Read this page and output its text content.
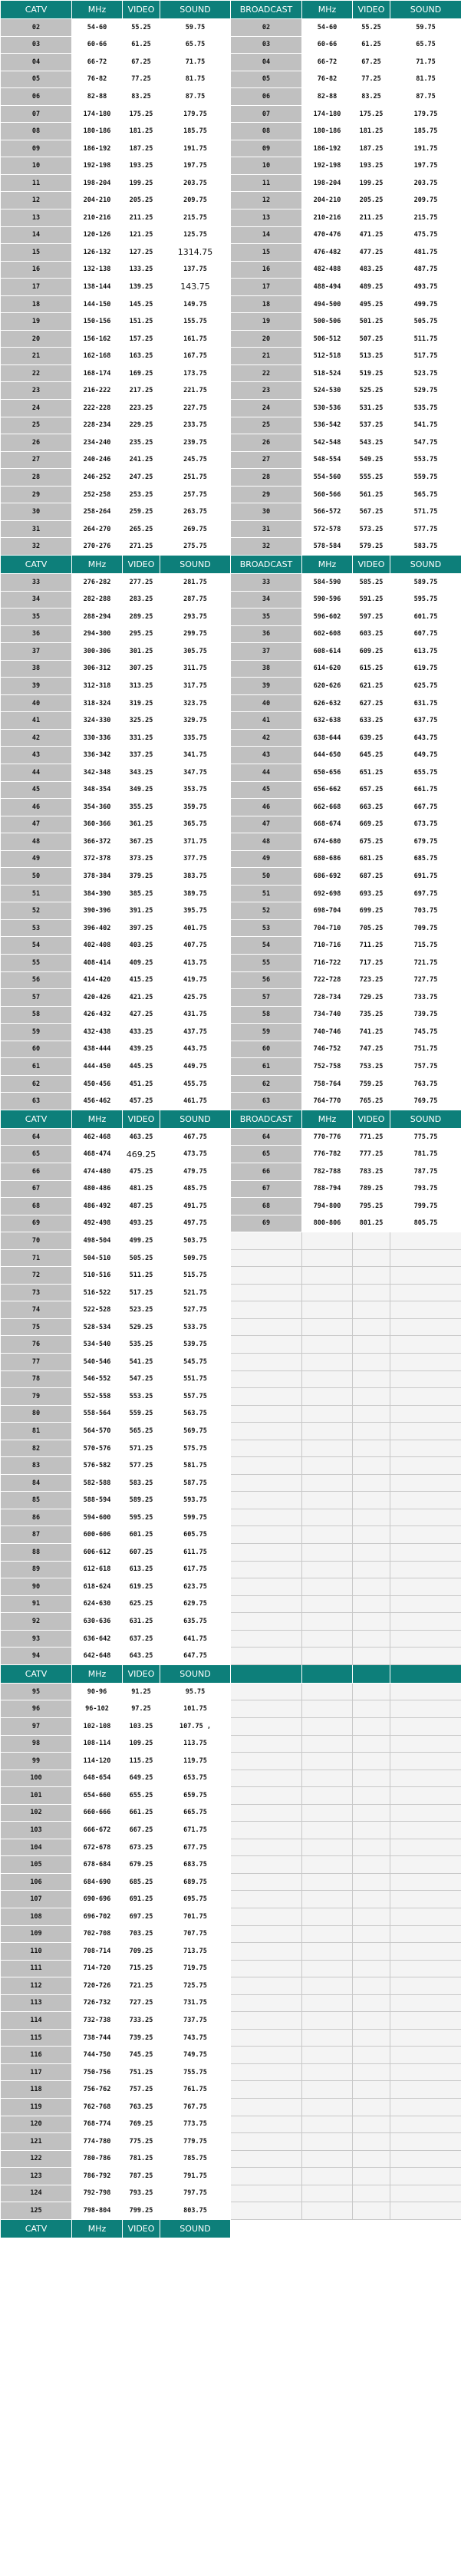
CATV	MHz	VIDEO	SOUND	BROADCAST	MHz	VIDEO	SOUND
02	54-60	55.25	59.75	02	54-60	55.25	59.75
03	60-66	61.25	65.75	03	60-66	61.25	65.75
04	66-72	67.25	71.75	04	66-72	67.25	71.75
05	76-82	77.25	81.75	05	76-82	77.25	81.75
06	82-88	83.25	87.75	06	82-88	83.25	87.75
07	174-180	175.25	179.75	07	174-180	175.25	179.75
08	180-186	181.25	185.75	08	180-186	181.25	185.75
09	186-192	187.25	191.75	09	186-192	187.25	191.75
10	192-198	193.25	197.75	10	192-198	193.25	197.75
11	198-204	199.25	203.75	11	198-204	199.25	203.75
12	204-210	205.25	209.75	12	204-210	205.25	209.75
13	210-216	211.25	215.75	13	210-216	211.25	215.75
14	120-126	121.25	125.75	14	470-476	471.25	475.75
15	126-132	127.25	1314.75	15	476-482	477.25	481.75
16	132-138	133.25	137.75	16	482-488	483.25	487.75
17	138-144	139.25	143.75	17	488-494	489.25	493.75
18	144-150	145.25	149.75	18	494-500	495.25	499.75
19	150-156	151.25	155.75	19	500-506	501.25	505.75
20	156-162	157.25	161.75	20	506-512	507.25	511.75
21	162-168	163.25	167.75	21	512-518	513.25	517.75
22	168-174	169.25	173.75	22	518-524	519.25	523.75
23	216-222	217.25	221.75	23	524-530	525.25	529.75
24	222-228	223.25	227.75	24	530-536	531.25	535.75
25	228-234	229.25	233.75	25	536-542	537.25	541.75
26	234-240	235.25	239.75	26	542-548	543.25	547.75
27	240-246	241.25	245.75	27	548-554	549.25	553.75
28	246-252	247.25	251.75	28	554-560	555.25	559.75
29	252-258	253.25	257.75	29	560-566	561.25	565.75
30	258-264	259.25	263.75	30	566-572	567.25	571.75
31	264-270	265.25	269.75	31	572-578	573.25	577.75
32	270-276	271.25	275.75	32	578-584	579.25	583.75
CATV	MHz	VIDEO	SOUND	BROADCAST	MHz	VIDEO	SOUND
33	276-282	277.25	281.75	33	584-590	585.25	589.75
34	282-288	283.25	287.75	34	590-596	591.25	595.75
35	288-294	289.25	293.75	35	596-602	597.25	601.75
36	294-300	295.25	299.75	36	602-608	603.25	607.75
37	300-306	301.25	305.75	37	608-614	609.25	613.75
38	306-312	307.25	311.75	38	614-620	615.25	619.75
39	312-318	313.25	317.75	39	620-626	621.25	625.75
40	318-324	319.25	323.75	40	626-632	627.25	631.75
41	324-330	325.25	329.75	41	632-638	633.25	637.75
42	330-336	331.25	335.75	42	638-644	639.25	643.75
43	336-342	337.25	341.75	43	644-650	645.25	649.75
44	342-348	343.25	347.75	44	650-656	651.25	655.75
45	348-354	349.25	353.75	45	656-662	657.25	661.75
46	354-360	355.25	359.75	46	662-668	663.25	667.75
47	360-366	361.25	365.75	47	668-674	669.25	673.75
48	366-372	367.25	371.75	48	674-680	675.25	679.75
49	372-378	373.25	377.75	49	680-686	681.25	685.75
50	378-384	379.25	383.75	50	686-692	687.25	691.75
51	384-390	385.25	389.75	51	692-698	693.25	697.75
52	390-396	391.25	395.75	52	698-704	699.25	703.75
53	396-402	397.25	401.75	53	704-710	705.25	709.75
54	402-408	403.25	407.75	54	710-716	711.25	715.75
55	408-414	409.25	413.75	55	716-722	717.25	721.75
56	414-420	415.25	419.75	56	722-728	723.25	727.75
57	420-426	421.25	425.75	57	728-734	729.25	733.75
58	426-432	427.25	431.75	58	734-740	735.25	739.75
59	432-438	433.25	437.75	59	740-746	741.25	745.75
60	438-444	439.25	443.75	60	746-752	747.25	751.75
61	444-450	445.25	449.75	61	752-758	753.25	757.75
62	450-456	451.25	455.75	62	758-764	759.25	763.75
63	456-462	457.25	461.75	63	764-770	765.25	769.75
CATV	MHz	VIDEO	SOUND	BROADCAST	MHz	VIDEO	SOUND
64	462-468	463.25	467.75	64	770-776	771.25	775.75
65	468-474	469.25	473.75	65	776-782	777.25	781.75
66	474-480	475.25	479.75	66	782-788	783.25	787.75
67	480-486	481.25	485.75	67	788-794	789.25	793.75
68	486-492	487.25	491.75	68	794-800	795.25	799.75
69	492-498	493.25	497.75	69	800-806	801.25	805.75
70	498-504	499.25	503.75				
71	504-510	505.25	509.75				
72	510-516	511.25	515.75				
73	516-522	517.25	521.75				
74	522-528	523.25	527.75				
75	528-534	529.25	533.75				
76	534-540	535.25	539.75				
77	540-546	541.25	545.75				
78	546-552	547.25	551.75				
79	552-558	553.25	557.75				
80	558-564	559.25	563.75				
81	564-570	565.25	569.75				
82	570-576	571.25	575.75				
83	576-582	577.25	581.75				
84	582-588	583.25	587.75				
85	588-594	589.25	593.75				
86	594-600	595.25	599.75				
87	600-606	601.25	605.75				
88	606-612	607.25	611.75				
89	612-618	613.25	617.75				
90	618-624	619.25	623.75				
91	624-630	625.25	629.75				
92	630-636	631.25	635.75				
93	636-642	637.25	641.75				
94	642-648	643.25	647.75				
CATV	MHz	VIDEO	SOUND				
95	90-96	91.25	95.75				
96	96-102	97.25	101.75				
97	102-108	103.25	107.75 ,				
98	108-114	109.25	113.75				
99	114-120	115.25	119.75				
100	648-654	649.25	653.75				
101	654-660	655.25	659.75				
102	660-666	661.25	665.75				
103	666-672	667.25	671.75				
104	672-678	673.25	677.75				
105	678-684	679.25	683.75				
106	684-690	685.25	689.75				
107	690-696	691.25	695.75				
108	696-702	697.25	701.75				
109	702-708	703.25	707.75				
110	708-714	709.25	713.75				
111	714-720	715.25	719.75				
112	720-726	721.25	725.75				
113	726-732	727.25	731.75				
114	732-738	733.25	737.75				
115	738-744	739.25	743.75				
116	744-750	745.25	749.75				
117	750-756	751.25	755.75				
118	756-762	757.25	761.75				
119	762-768	763.25	767.75				
120	768-774	769.25	773.75				
121	774-780	775.25	779.75				
122	780-786	781.25	785.75				
123	786-792	787.25	791.75				
124	792-798	793.25	797.75				
125	798-804	799.25	803.75				
CATV	MHz	VIDEO	SOUND				
